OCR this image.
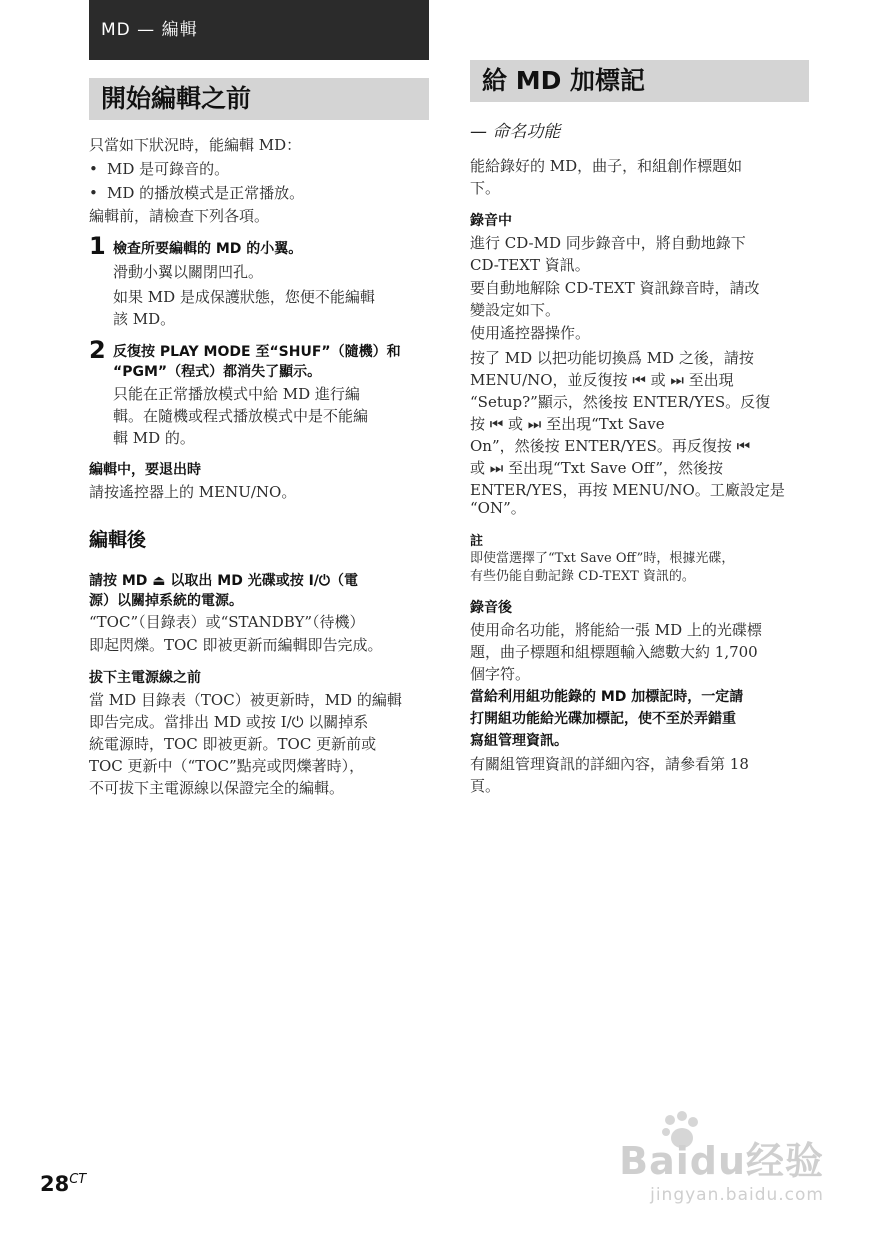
MD — 編輯
開始編輯之前
只當如下狀況時，能編輯 MD：
• MD 是可錄音的。
• MD 的播放模式是正常播放。
編輯前，請檢查下列各項。
1 檢查所要編輯的 MD 的小翼。
滑動小翼以關閉凹孔。
如果 MD 是成保護狀態，您便不能編輯
該 MD。
2 反復按 PLAY MODE 至“SHUF”（隨機）和
“PGM”（程式）都消失了顯示。
只能在正常播放模式中給 MD 進行編
輯。在隨機或程式播放模式中是不能編
輯 MD 的。
編輯中，要退出時
請按遙控器上的 MENU/NO。
編輯後
請按 MD ⏏ 以取出 MD 光碟或按 I/⏻（電
源）以關掉系統的電源。
“TOC”（目錄表）或“STANDBY”（待機）
即起閃爍。TOC 即被更新而編輯即告完成。
拔下主電源線之前
當 MD 目錄表（TOC）被更新時，MD 的編輯
即告完成。當排出 MD 或按 I/⏻ 以關掉系
統電源時，TOC 即被更新。TOC 更新前或
TOC 更新中（“TOC”點亮或閃爍著時），
不可拔下主電源線以保證完全的編輯。
給 MD 加標記
— 命名功能
能給錄好的 MD，曲子，和組創作標題如
下。
錄音中
進行 CD-MD 同步錄音中，將自動地錄下
CD-TEXT 資訊。
要自動地解除 CD-TEXT 資訊錄音時，請改
變設定如下。
使用遙控器操作。
按了 MD 以把功能切換爲 MD 之後，請按
MENU/NO，並反復按 ⏮ 或 ⏭ 至出現
“Setup?”顯示，然後按 ENTER/YES。反復
按 ⏮ 或 ⏭ 至出現“Txt Save
On”，然後按 ENTER/YES。再反復按 ⏮
或 ⏭ 至出現“Txt Save Off”，然後按
ENTER/YES，再按 MENU/NO。工廠設定是
“ON”。
註
即使當選擇了“Txt Save Off”時，根據光碟，
有些仍能自動記錄 CD-TEXT 資訊的。
錄音後
使用命名功能，將能給一張 MD 上的光碟標
題，曲子標題和組標題輸入總數大約 1,700
個字符。
當給利用組功能錄的 MD 加標記時，一定請
打開組功能給光碟加標記，使不至於弄錯重
寫組管理資訊。
有關組管理資訊的詳細內容，請參看第 18
頁。
$28^{CT}$	Baidu经验
jingyan.baidu.com
